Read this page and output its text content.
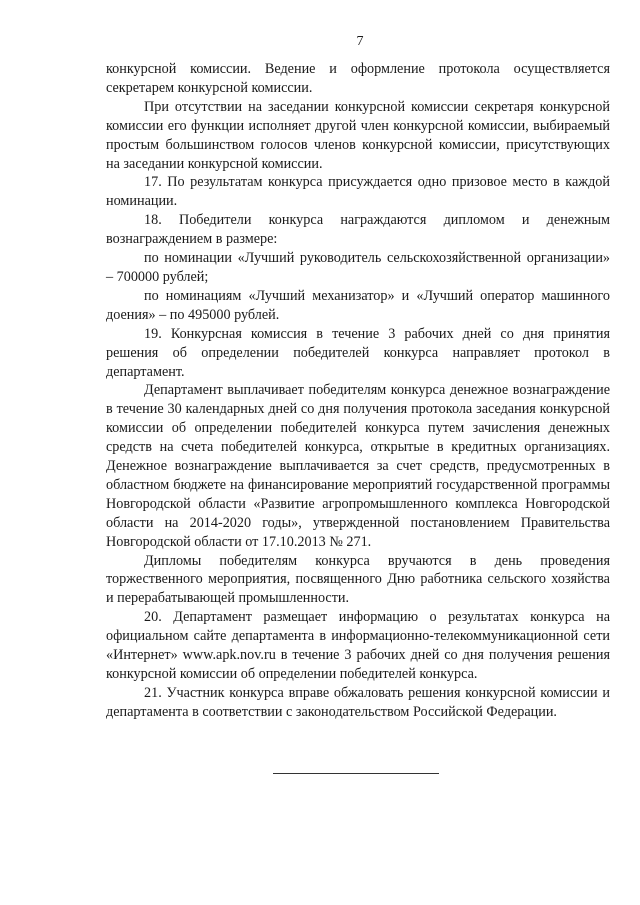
7

конкурсной комиссии. Ведение и оформление протокола осуществляется секретарем конкурсной комиссии.

При отсутствии на заседании конкурсной комиссии секретаря конкурсной комиссии его функции исполняет другой член конкурсной комиссии, выбираемый простым большинством голосов членов конкурсной комиссии, присутствующих на заседании конкурсной комиссии.

17. По результатам конкурса присуждается одно призовое место в каждой номинации.

18. Победители конкурса награждаются дипломом и денежным вознаграждением в размере:

по номинации «Лучший руководитель сельскохозяйственной организации» – 700000 рублей;

по номинациям «Лучший механизатор» и «Лучший оператор машинного доения» – по 495000 рублей.

19. Конкурсная комиссия в течение 3 рабочих дней со дня принятия решения об определении победителей конкурса направляет протокол в департамент.

Департамент выплачивает победителям конкурса денежное вознаграждение в течение 30 календарных дней со дня получения протокола заседания конкурсной комиссии об определении победителей конкурса путем зачисления денежных средств на счета победителей конкурса, открытые в кредитных организациях. Денежное вознаграждение выплачивается за счет средств, предусмотренных в областном бюджете на финансирование мероприятий государственной программы Новгородской области «Развитие агропромышленного комплекса Новгородской области на 2014-2020 годы», утвержденной постановлением Правительства Новгородской области от 17.10.2013 № 271.

Дипломы победителям конкурса вручаются в день проведения торжественного мероприятия, посвященного Дню работника сельского хозяйства и перерабатывающей промышленности.

20. Департамент размещает информацию о результатах конкурса на официальном сайте департамента в информационно-телекоммуникационной сети «Интернет» www.apk.nov.ru в течение 3 рабочих дней со дня получения решения конкурсной комиссии об определении победителей конкурса.

21. Участник конкурса вправе обжаловать решения конкурсной комиссии и департамента в соответствии с законодательством Российской Федерации.
